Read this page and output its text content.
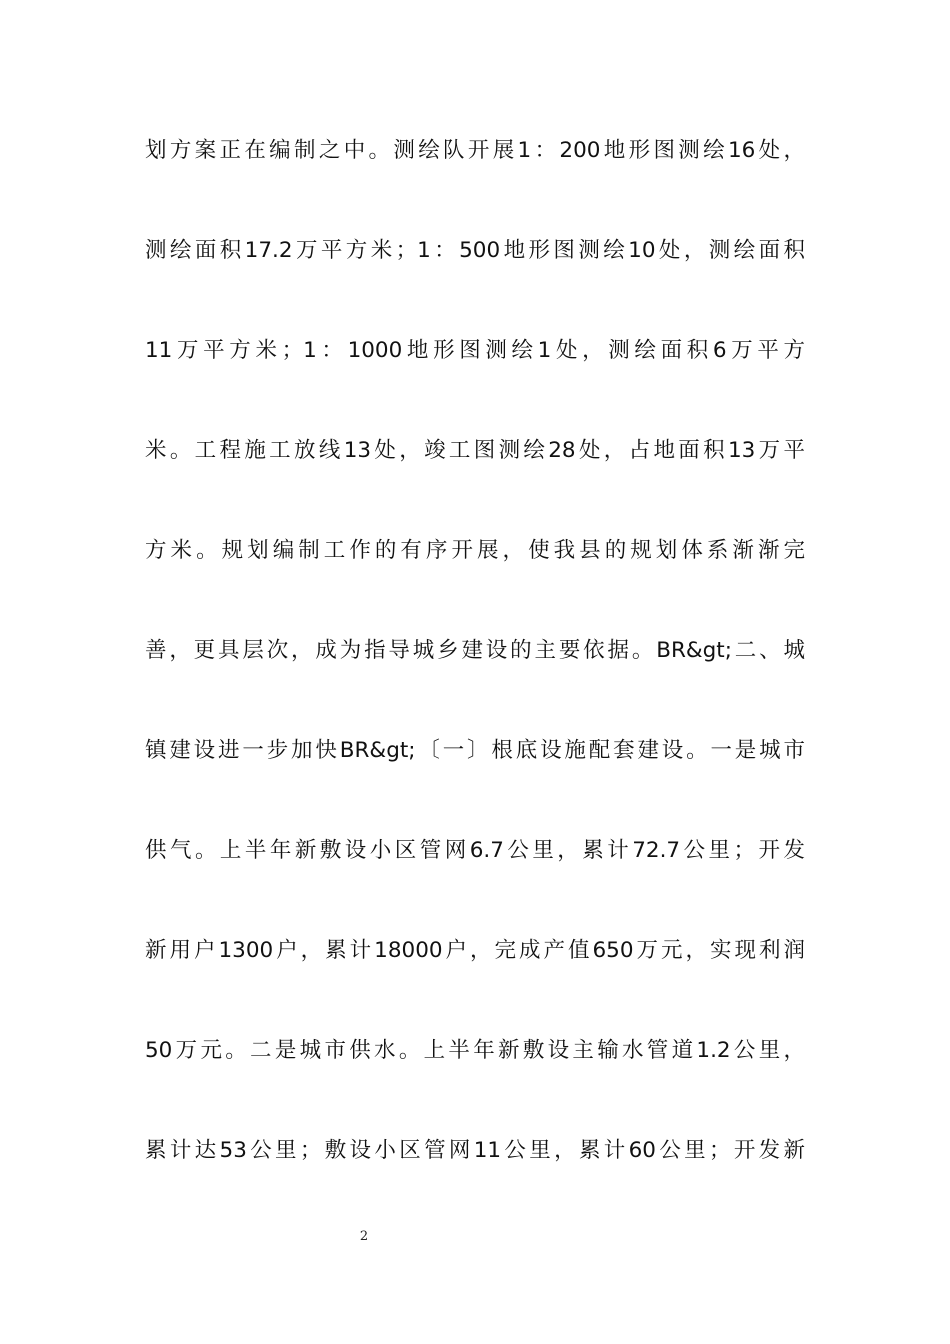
划方案正在编制之中。测绘队开展1：200地形图测绘16处，
测绘面积17.2万平方米；1：500地形图测绘10处，测绘面积
11万平方米；1：1000地形图测绘1处，测绘面积6万平方
米。工程施工放线13处，竣工图测绘28处，占地面积13万平
方米。规划编制工作的有序开展，使我县的规划体系渐渐完
善，更具层次，成为指导城乡建设的主要依据。BR&gt;二、城
镇建设进一步加快BR&gt;〔一〕根底设施配套建设。一是城市
供气。上半年新敷设小区管网6.7公里，累计72.7公里；开发
新用户1300户，累计18000户，完成产值650万元，实现利润
50万元。二是城市供水。上半年新敷设主输水管道1.2公里，
累计达53公里；敷设小区管网11公里，累计60公里；开发新
2
